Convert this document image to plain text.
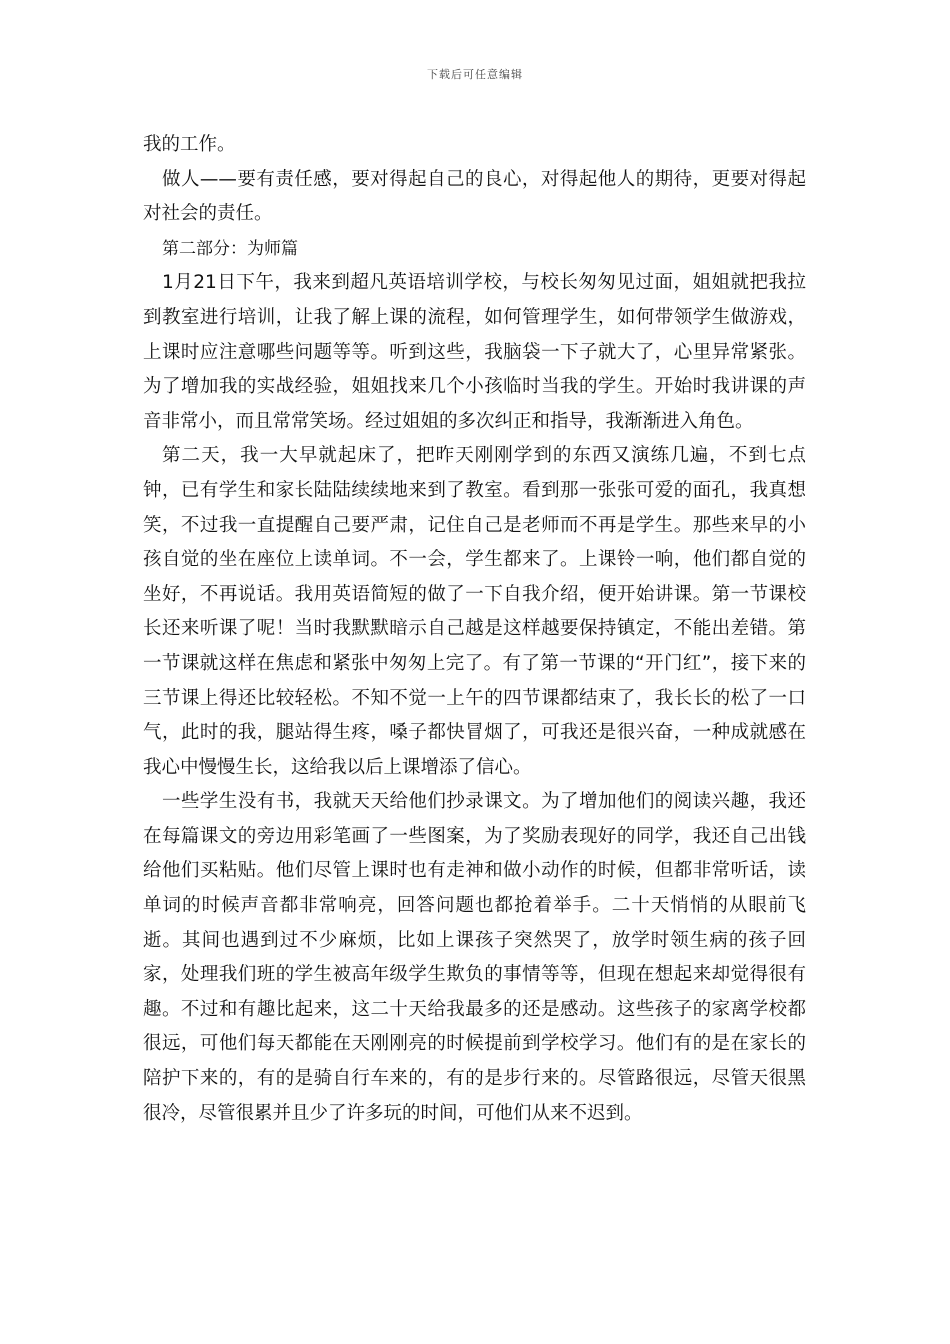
下载后可任意编辑

我的工作。

做人——要有责任感，要对得起自己的良心，对得起他人的期待，更要对得起对社会的责任。

第二部分：为师篇

1月21日下午，我来到超凡英语培训学校，与校长匆匆见过面，姐姐就把我拉到教室进行培训，让我了解上课的流程，如何管理学生，如何带领学生做游戏，上课时应注意哪些问题等等。听到这些，我脑袋一下子就大了，心里异常紧张。为了增加我的实战经验，姐姐找来几个小孩临时当我的学生。开始时我讲课的声音非常小，而且常常笑场。经过姐姐的多次纠正和指导，我渐渐进入角色。

第二天，我一大早就起床了，把昨天刚刚学到的东西又演练几遍，不到七点钟，已有学生和家长陆陆续续地来到了教室。看到那一张张可爱的面孔，我真想笑，不过我一直提醒自己要严肃，记住自己是老师而不再是学生。那些来早的小孩自觉的坐在座位上读单词。不一会，学生都来了。上课铃一响，他们都自觉的坐好，不再说话。我用英语简短的做了一下自我介绍，便开始讲课。第一节课校长还来听课了呢！当时我默默暗示自己越是这样越要保持镇定，不能出差错。第一节课就这样在焦虑和紧张中匆匆上完了。有了第一节课的“开门红”，接下来的三节课上得还比较轻松。不知不觉一上午的四节课都结束了，我长长的松了一口气，此时的我，腿站得生疼，嗓子都快冒烟了，可我还是很兴奋，一种成就感在我心中慢慢生长，这给我以后上课增添了信心。

一些学生没有书，我就天天给他们抄录课文。为了增加他们的阅读兴趣，我还在每篇课文的旁边用彩笔画了一些图案，为了奖励表现好的同学，我还自己出钱给他们买粘贴。他们尽管上课时也有走神和做小动作的时候，但都非常听话，读单词的时候声音都非常响亮，回答问题也都抢着举手。二十天悄悄的从眼前飞逝。其间也遇到过不少麻烦，比如上课孩子突然哭了，放学时领生病的孩子回家，处理我们班的学生被高年级学生欺负的事情等等，但现在想起来却觉得很有趣。不过和有趣比起来，这二十天给我最多的还是感动。这些孩子的家离学校都很远，可他们每天都能在天刚刚亮的时候提前到学校学习。他们有的是在家长的陪护下来的，有的是骑自行车来的，有的是步行来的。尽管路很远，尽管天很黑很冷，尽管很累并且少了许多玩的时间，可他们从来不迟到。
